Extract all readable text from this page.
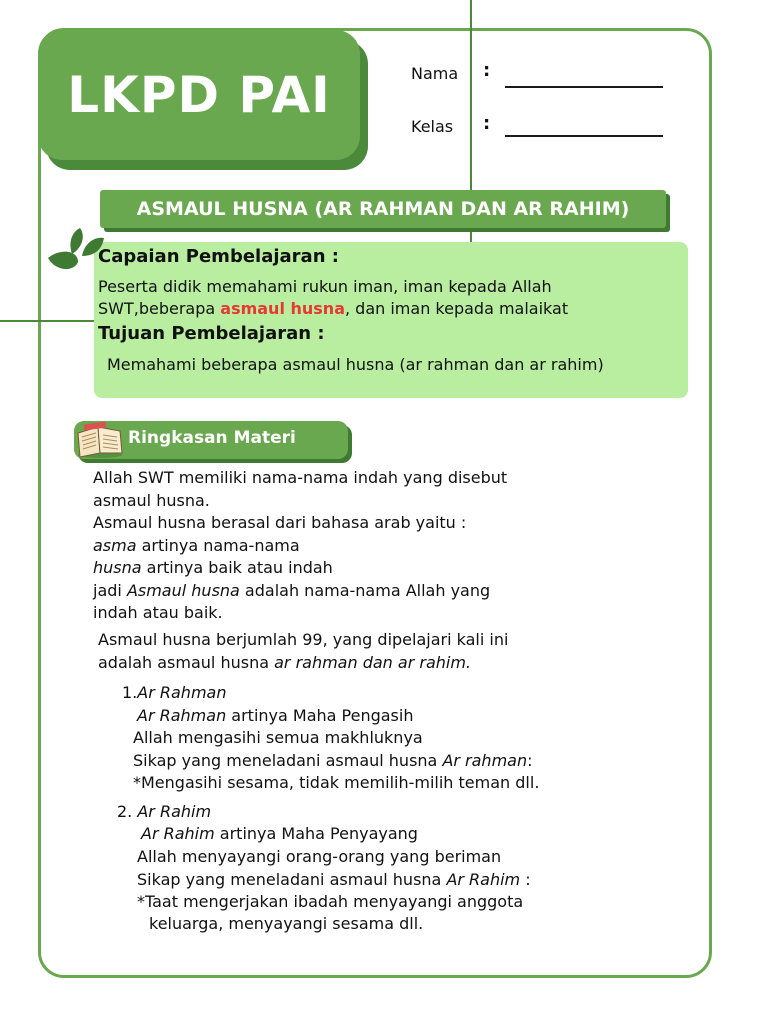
LKPD PAI	Nama :
Kelas :
ASMAUL HUSNA (AR RAHMAN DAN AR RAHIM)
Capaian Pembelajaran :
Peserta didik memahami rukun iman, iman kepada Allah
SWT,beberapa asmaul husna, dan iman kepada malaikat
Tujuan Pembelajaran :
Memahami beberapa asmaul husna (ar rahman dan ar rahim)
Ringkasan Materi
Allah SWT memiliki nama-nama indah yang disebut
asmaul husna.
Asmaul husna berasal dari bahasa arab yaitu :
asma artinya nama-nama
husna artinya baik atau indah
jadi Asmaul husna adalah nama-nama Allah yang
indah atau baik.
Asmaul husna berjumlah 99, yang dipelajari kali ini
adalah asmaul husna ar rahman dan ar rahim.
1.Ar Rahman
Ar Rahman artinya Maha Pengasih
Allah mengasihi semua makhluknya
Sikap yang meneladani asmaul husna Ar rahman:
*Mengasihi sesama, tidak memilih-milih teman dll.
2. Ar Rahim
Ar Rahim artinya Maha Penyayang
Allah menyayangi orang-orang yang beriman
Sikap yang meneladani asmaul husna Ar Rahim :
*Taat mengerjakan ibadah menyayangi anggota
keluarga, menyayangi sesama dll.
